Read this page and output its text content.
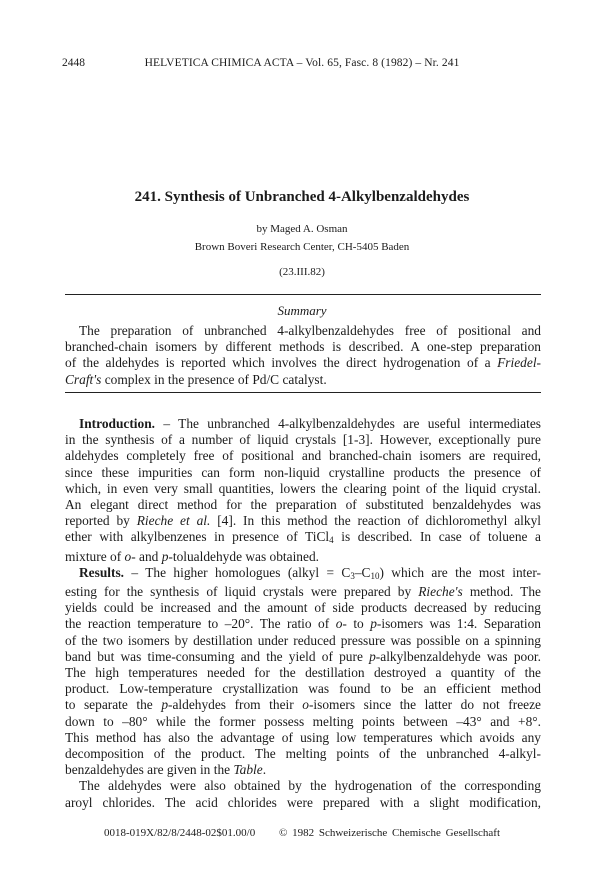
2448	HELVETICA CHIMICA ACTA – Vol. 65, Fasc. 8 (1982) – Nr. 241
241. Synthesis of Unbranched 4-Alkylbenzaldehydes
by Maged A. Osman
Brown Boveri Research Center, CH-5405 Baden
(23.III.82)
Summary
The preparation of unbranched 4-alkylbenzaldehydes free of positional and
branched-chain isomers by different methods is described. A one-step preparation
of the aldehydes is reported which involves the direct hydrogenation of a Friedel-
Craft's complex in the presence of Pd/C catalyst.
Introduction. – The unbranched 4-alkylbenzaldehydes are useful intermediates
in the synthesis of a number of liquid crystals [1-3]. However, exceptionally pure
aldehydes completely free of positional and branched-chain isomers are required,
since these impurities can form non-liquid crystalline products the presence of
which, in even very small quantities, lowers the clearing point of the liquid crystal.
An elegant direct method for the preparation of substituted benzaldehydes was
reported by Rieche et al. [4]. In this method the reaction of dichloromethyl alkyl
ether with alkylbenzenes in presence of TiCl$_4$ is described. In case of toluene a
mixture of o- and p-tolualdehyde was obtained.
Results. – The higher homologues (alkyl = $C_3-C_{10}$) which are the most inter-
esting for the synthesis of liquid crystals were prepared by Rieche's method. The
yields could be increased and the amount of side products decreased by reducing
the reaction temperature to –20°. The ratio of o- to p-isomers was 1:4. Separation
of the two isomers by destillation under reduced pressure was possible on a spinning
band but was time-consuming and the yield of pure p-alkylbenzaldehyde was poor.
The high temperatures needed for the destillation destroyed a quantity of the
product. Low-temperature crystallization was found to be an efficient method
to separate the p-aldehydes from their o-isomers since the latter do not freeze
down to –80° while the former possess melting points between –43° and +8°.
This method has also the advantage of using low temperatures which avoids any
decomposition of the product. The melting points of the unbranched 4-alkyl-
benzaldehydes are given in the Table.
The aldehydes were also obtained by the hydrogenation of the corresponding
aroyl chlorides. The acid chlorides were prepared with a slight modification,
0018-019X/82/8/2448-02$01.00/0 © 1982 Schweizerische Chemische Gesellschaft
